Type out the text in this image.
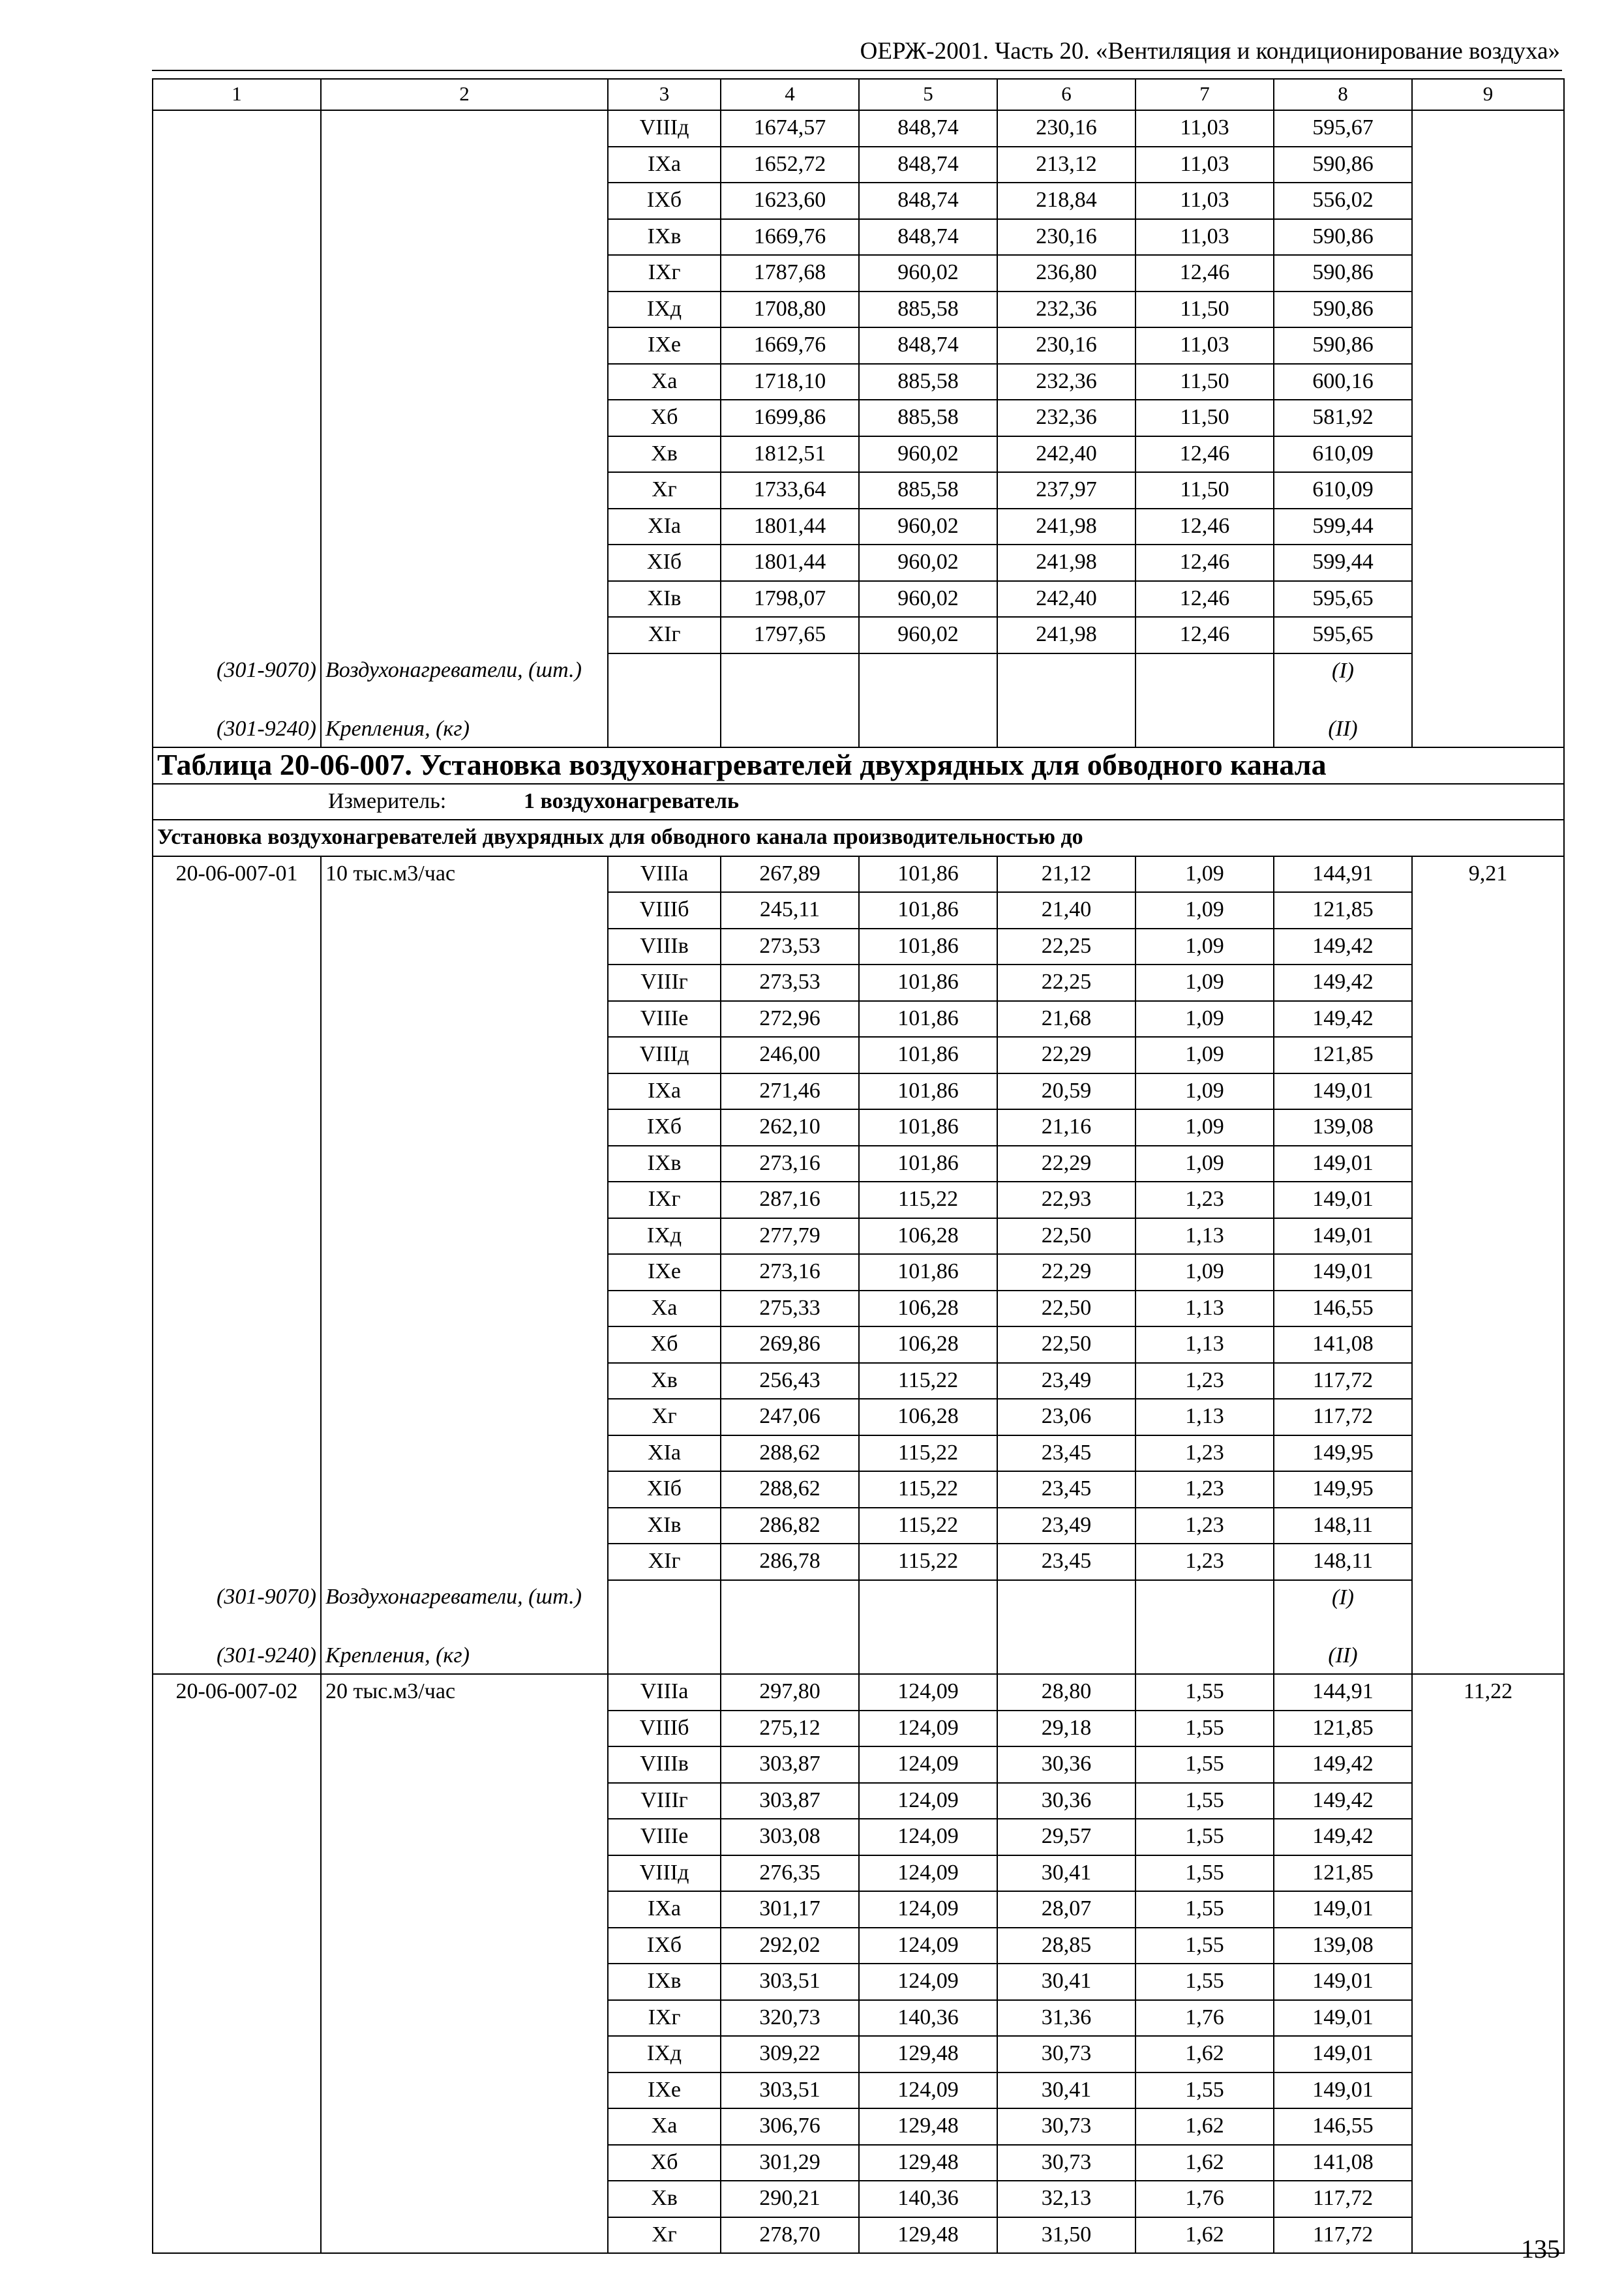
ОЕРЖ-2001. Часть 20. «Вентиляция и кондиционирование воздуха»
1	2	3	4	5	6	7	8	9
		VIIIд	1674,57	848,74	230,16	11,03	595,67	
		IXа	1652,72	848,74	213,12	11,03	590,86	
		IXб	1623,60	848,74	218,84	11,03	556,02	
		IXв	1669,76	848,74	230,16	11,03	590,86	
		IXг	1787,68	960,02	236,80	12,46	590,86	
		IXд	1708,80	885,58	232,36	11,50	590,86	
		IXе	1669,76	848,74	230,16	11,03	590,86	
		Xа	1718,10	885,58	232,36	11,50	600,16	
		Xб	1699,86	885,58	232,36	11,50	581,92	
		Xв	1812,51	960,02	242,40	12,46	610,09	
		Xг	1733,64	885,58	237,97	11,50	610,09	
		XIа	1801,44	960,02	241,98	12,46	599,44	
		XIб	1801,44	960,02	241,98	12,46	599,44	
		XIв	1798,07	960,02	242,40	12,46	595,65	
		XIг	1797,65	960,02	241,98	12,46	595,65	
(301-9070)	Воздухонагреватели, (шт.)						(I)	
(301-9240)	Крепления, (кг)						(II)	
Таблица 20-06-007. Установка воздухонагревателей двухрядных для обводного канала								
Измеритель: 1 воздухонагреватель								
Установка воздухонагревателей двухрядных для обводного канала производительностью до								
20-06-007-01	10 тыс.м3/час	VIIIа	267,89	101,86	21,12	1,09	144,91	9,21
		VIIIб	245,11	101,86	21,40	1,09	121,85	
		VIIIв	273,53	101,86	22,25	1,09	149,42	
		VIIIг	273,53	101,86	22,25	1,09	149,42	
		VIIIе	272,96	101,86	21,68	1,09	149,42	
		VIIIд	246,00	101,86	22,29	1,09	121,85	
		IXа	271,46	101,86	20,59	1,09	149,01	
		IXб	262,10	101,86	21,16	1,09	139,08	
		IXв	273,16	101,86	22,29	1,09	149,01	
		IXг	287,16	115,22	22,93	1,23	149,01	
		IXд	277,79	106,28	22,50	1,13	149,01	
		IXе	273,16	101,86	22,29	1,09	149,01	
		Xа	275,33	106,28	22,50	1,13	146,55	
		Xб	269,86	106,28	22,50	1,13	141,08	
		Xв	256,43	115,22	23,49	1,23	117,72	
		Xг	247,06	106,28	23,06	1,13	117,72	
		XIа	288,62	115,22	23,45	1,23	149,95	
		XIб	288,62	115,22	23,45	1,23	149,95	
		XIв	286,82	115,22	23,49	1,23	148,11	
		XIг	286,78	115,22	23,45	1,23	148,11	
(301-9070)	Воздухонагреватели, (шт.)						(I)	
(301-9240)	Крепления, (кг)						(II)	
20-06-007-02	20 тыс.м3/час	VIIIа	297,80	124,09	28,80	1,55	144,91	11,22
		VIIIб	275,12	124,09	29,18	1,55	121,85	
		VIIIв	303,87	124,09	30,36	1,55	149,42	
		VIIIг	303,87	124,09	30,36	1,55	149,42	
		VIIIе	303,08	124,09	29,57	1,55	149,42	
		VIIIд	276,35	124,09	30,41	1,55	121,85	
		IXа	301,17	124,09	28,07	1,55	149,01	
		IXб	292,02	124,09	28,85	1,55	139,08	
		IXв	303,51	124,09	30,41	1,55	149,01	
		IXг	320,73	140,36	31,36	1,76	149,01	
		IXд	309,22	129,48	30,73	1,62	149,01	
		IXе	303,51	124,09	30,41	1,55	149,01	
		Xа	306,76	129,48	30,73	1,62	146,55	
		Xб	301,29	129,48	30,73	1,62	141,08	
		Xв	290,21	140,36	32,13	1,76	117,72	
		Xг	278,70	129,48	31,50	1,62	117,72		135
